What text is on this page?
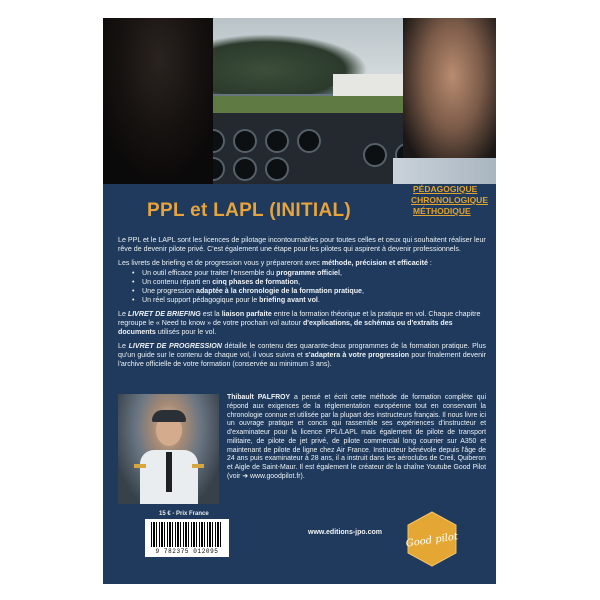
PÉDAGOGIQUE
CHRONOLOGIQUE
MÉTHODIQUE
PPL et LAPL (INITIAL)

Le PPL et le LAPL sont les licences de pilotage incontournables pour toutes celles et ceux qui souhaitent réaliser leur rêve de devenir pilote privé. C'est également une étape pour les pilotes qui aspirent à devenir professionnels.

Les livrets de briefing et de progression vous y prépareront avec méthode, précision et efficacité :

• Un outil efficace pour traiter l'ensemble du programme officiel,
• Un contenu réparti en cinq phases de formation,
• Une progression adaptée à la chronologie de la formation pratique,
• Un réel support pédagogique pour le briefing avant vol.

Le LIVRET DE BRIEFING est la liaison parfaite entre la formation théorique et la pratique en vol. Chaque chapitre regroupe le « Need to know » de votre prochain vol autour d'explications, de schémas ou d'extraits des documents utilisés pour le vol.

Le LIVRET DE PROGRESSION détaille le contenu des quarante-deux programmes de la formation pratique. Plus qu'un guide sur le contenu de chaque vol, il vous suivra et s'adaptera à votre progression pour finalement devenir l'archive officielle de votre formation (conservée au minimum 3 ans).

Thibault PALFROY a pensé et écrit cette méthode de formation complète qui répond aux exigences de la réglementation européenne tout en conservant la chronologie connue et utilisée par la plupart des instructeurs français. Il nous livre ici un ouvrage pratique et concis qui rassemble ses expériences d'instructeur et d'examinateur pour la licence PPL/LAPL mais également de pilote de transport militaire, de pilote de jet privé, de pilote commercial long courrier sur A350 et maintenant de pilote de ligne chez Air France. Instructeur bénévole depuis l'âge de 24 ans puis examinateur à 28 ans, il a instruit dans les aéroclubs de Creil, Quiberon et Aigle de Saint-Maur. Il est également le créateur de la chaîne Youtube Good Pilot (voir ➜ www.goodpilot.fr).
15 € - Prix France
9 782375 012095
www.editions-jpo.com Good pilot
